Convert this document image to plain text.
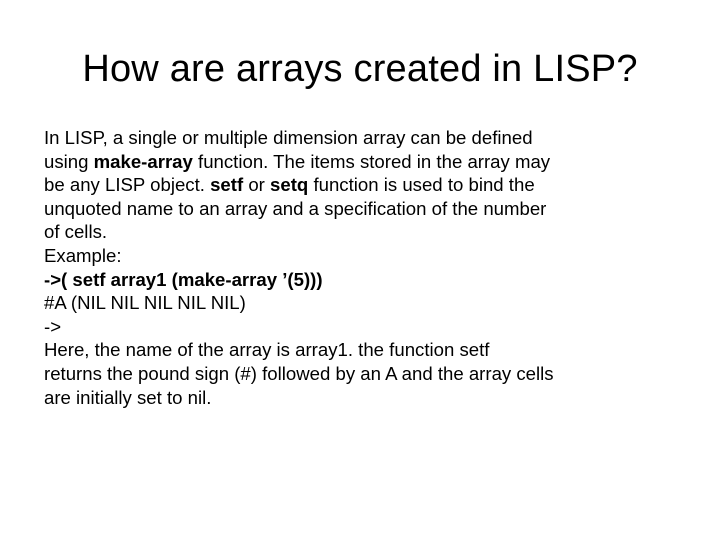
How are arrays created in LISP?
In LISP, a single or multiple dimension array can be defined
using make-array function. The items stored in the array may
be any LISP object. setf or setq function is used to bind the
unquoted name to an array and a specification of the number
of cells.
Example:
->( setf array1 (make-array ’(5)))
#A (NIL NIL NIL NIL NIL)
->
Here, the name of the array is array1. the function setf
returns the pound sign (#) followed by an A and the array cells
are initially set to nil.
